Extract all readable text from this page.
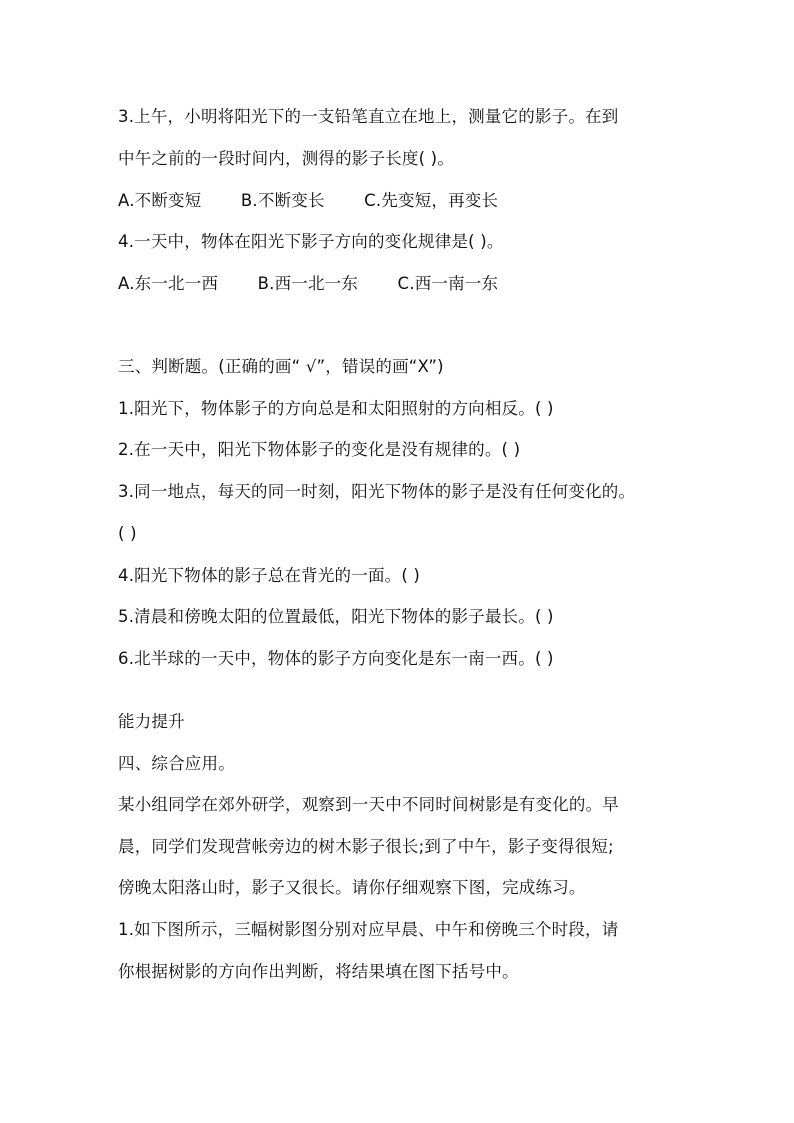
3.上午，小明将阳光下的一支铅笔直立在地上，测量它的影子。在到
中午之前的一段时间内，测得的影子长度( )。
A.不断变短 B.不断变长 C.先变短，再变长
4.一天中，物体在阳光下影子方向的变化规律是( )。
A.东一北一西 B.西一北一东 C.西一南一东
三、判断题。(正确的画“ √”，错误的画“X”)
1.阳光下，物体影子的方向总是和太阳照射的方向相反。( )
2.在一天中，阳光下物体影子的变化是没有规律的。( )
3.同一地点，每天的同一时刻，阳光下物体的影子是没有任何变化的。
( )
4.阳光下物体的影子总在背光的一面。( )
5.清晨和傍晚太阳的位置最低，阳光下物体的影子最长。( )
6.北半球的一天中，物体的影子方向变化是东一南一西。( )
能力提升
四、综合应用。
某小组同学在郊外研学，观察到一天中不同时间树影是有变化的。早
晨，同学们发现营帐旁边的树木影子很长;到了中午，影子变得很短;
傍晚太阳落山时，影子又很长。请你仔细观察下图，完成练习。
1.如下图所示，三幅树影图分别对应早晨、中午和傍晚三个时段，请
你根据树影的方向作出判断，将结果填在图下括号中。
